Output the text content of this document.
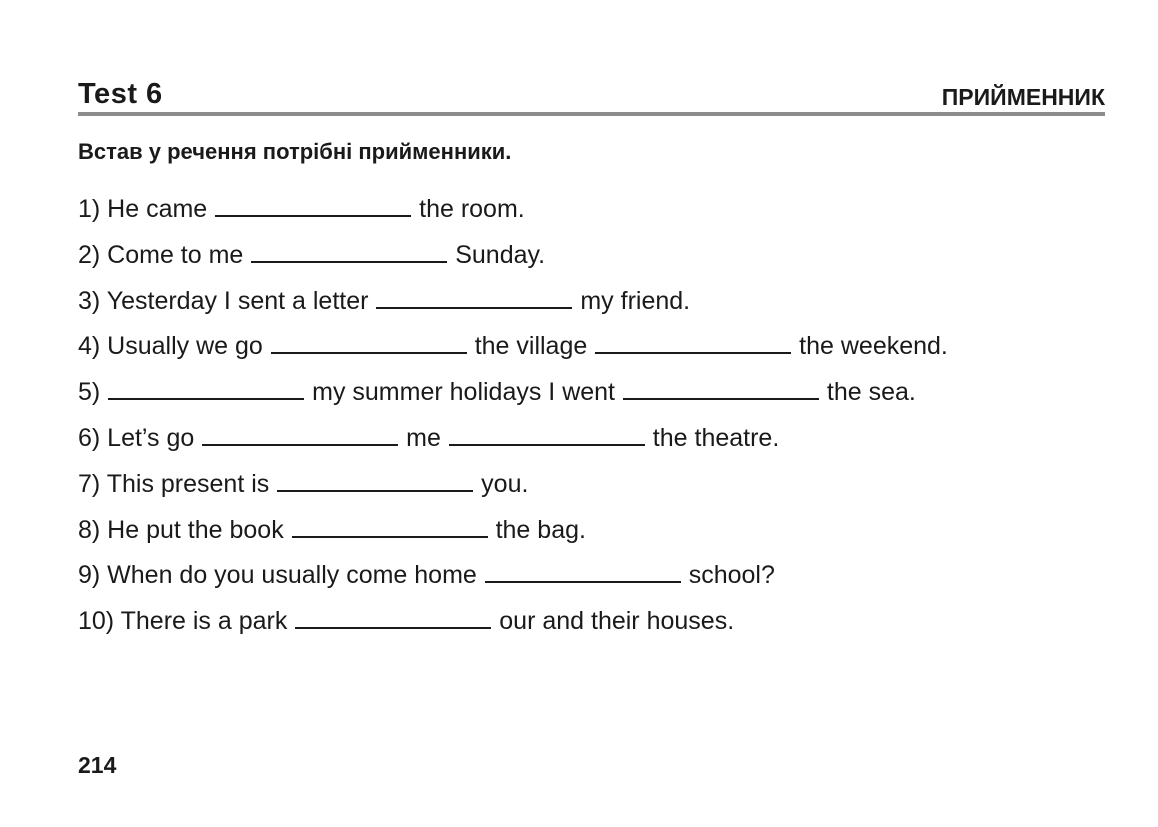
Test 6	ПРИЙМЕННИК
Встав у речення потрібні прийменники.
1) He came	the room.
2) Come to me	Sunday.
3) Yesterday I sent a letter	my friend.
4) Usually we go	the village	the weekend.
5)	my summer holidays I went	the sea.
6) Let’s go	me	the theatre.
7) This present is	you.
8) He put the book	the bag.
9) When do you usually come home	school?
10) There is a park	our and their houses.
214
